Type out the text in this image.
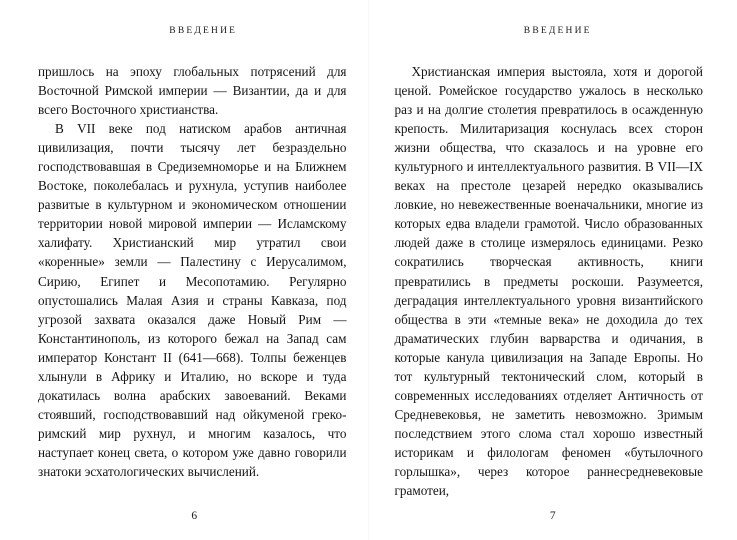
ВВЕДЕНИЕ

пришлось на эпоху глобальных потрясений для Восточной Римской империи — Византии, да и для всего Восточного христианства.

В VII веке под натиском арабов античная цивилизация, почти тысячу лет безраздельно господствовавшая в Средиземноморье и на Ближнем Востоке, поколебалась и рухнула, уступив наиболее развитые в культурном и экономическом отношении территории новой мировой империи — Исламскому халифату. Христианский мир утратил свои «коренные» земли — Палестину с Иерусалимом, Сирию, Египет и Месопотамию. Регулярно опустошались Малая Азия и страны Кавказа, под угрозой захвата оказался даже Новый Рим — Константинополь, из которого бежал на Запад сам император Констант II (641—668). Толпы беженцев хлынули в Африку и Италию, но вскоре и туда докатилась волна арабских завоеваний. Веками стоявший, господствовавший над ойкуменой греко-римский мир рухнул, и многим казалось, что наступает конец света, о котором уже давно говорили знатоки эсхатологических вычислений.

6
ВВЕДЕНИЕ

Христианская империя выстояла, хотя и дорогой ценой. Ромейское государство ужалось в несколько раз и на долгие столетия превратилось в осажденную крепость. Милитаризация коснулась всех сторон жизни общества, что сказалось и на уровне его культурного и интеллектуального развития. В VII—IX веках на престоле цезарей нередко оказывались ловкие, но невежественные военачальники, многие из которых едва владели грамотой. Число образованных людей даже в столице измерялось единицами. Резко сократились творческая активность, книги превратились в предметы роскоши. Разумеется, деградация интеллектуального уровня византийского общества в эти «темные века» не доходила до тех драматических глубин варварства и одичания, в которые канула цивилизация на Западе Европы. Но тот культурный тектонический слом, который в современных исследованиях отделяет Античность от Средневековья, не заметить невозможно. Зримым последствием этого слома стал хорошо известный историкам и филологам феномен «бутылочного горлышка», через которое раннесредневековые грамотеи,

7
